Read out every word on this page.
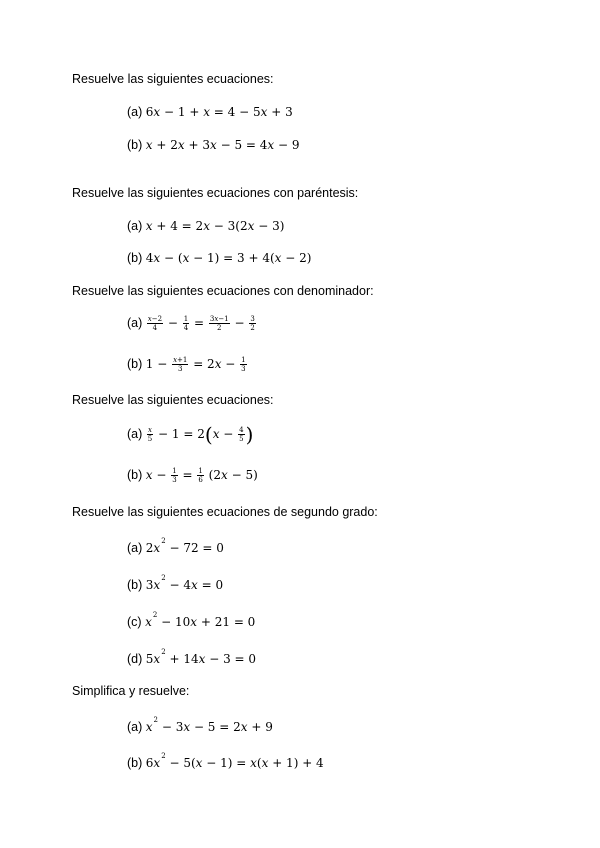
Resuelve las siguientes ecuaciones:
(a) 6x − 1 + x = 4 − 5x + 3
(b) x + 2x + 3x − 5 = 4x − 9
Resuelve las siguientes ecuaciones con paréntesis:
(a) x + 4 = 2x − 3(2x − 3)
(b) 4x − (x − 1) = 3 + 4(x − 2)
Resuelve las siguientes ecuaciones con denominador:
$(a) \frac{x-2}{4} - \frac{1}{4} = \frac{3x-1}{2} - \frac{3}{2}$
(b) $1 - \frac{x+1}{3} = 2x - \frac{1}{3}$
Resuelve las siguientes ecuaciones:
$(a) \frac{x}{5} - 1 = 2(x - \frac{4}{5}$ )
(b) $x - \frac{1}{3} = \frac{1}{6} (2x - 5)$
Resuelve las siguientes ecuaciones de segundo grado:
(a) $2x^2 - 72 = 0$
(b) $3x^2 - 4x = 0$
(c) $x^2 - 10x + 21 = 0$
(d) $5x^2 + 14x - 3 = 0$
Simplifica y resuelve:
(a) $x^2 - 3x - 5 = 2x + 9$
(b) $6x^2 - 5(x - 1) = x(x + 1) + 4$
